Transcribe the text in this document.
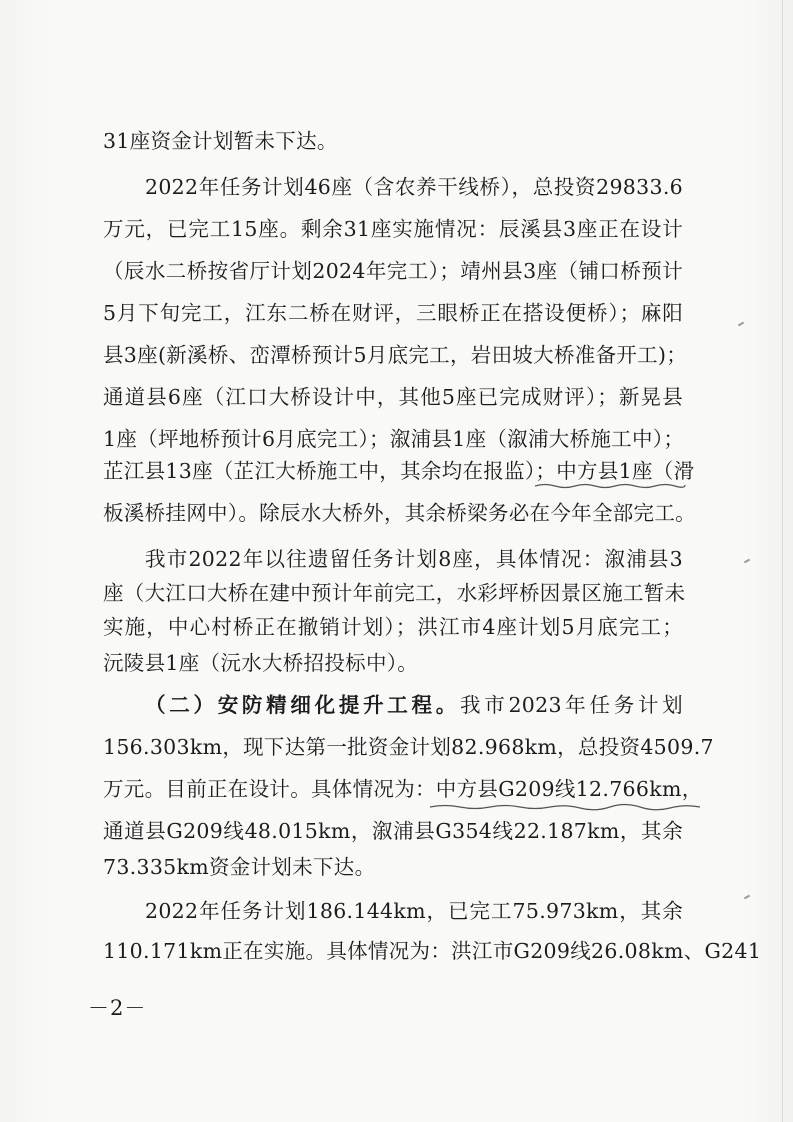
31座资金计划暂未下达。
2022年任务计划46座（含农养干线桥），总投资29833.6
万元，已完工15座。剩余31座实施情况：辰溪县3座正在设计
（辰水二桥按省厅计划2024年完工）；靖州县3座（铺口桥预计
5月下旬完工，江东二桥在财评，三眼桥正在搭设便桥）；麻阳
县3座(新溪桥、峦潭桥预计5月底完工，岩田坡大桥准备开工)；
通道县6座（江口大桥设计中，其他5座已完成财评）；新晃县
1座（坪地桥预计6月底完工）；溆浦县1座（溆浦大桥施工中）；
芷江县13座（芷江大桥施工中，其余均在报监）；中方县1座（滑
板溪桥挂网中）。除辰水大桥外，其余桥梁务必在今年全部完工。
我市2022年以往遗留任务计划8座，具体情况：溆浦县3
座（大江口大桥在建中预计年前完工，水彩坪桥因景区施工暂未
实施，中心村桥正在撤销计划）；洪江市4座计划5月底完工；
沅陵县1座（沅水大桥招投标中）。
（二）安防精细化提升工程。我市2023年任务计划
156.303km，现下达第一批资金计划82.968km，总投资4509.7
万元。目前正在设计。具体情况为：中方县G209线12.766km，
通道县G209线48.015km，溆浦县G354线22.187km，其余
73.335km资金计划未下达。
2022年任务计划186.144km，已完工75.973km，其余
110.171km正在实施。具体情况为：洪江市G209线26.08km、G241
－2－
